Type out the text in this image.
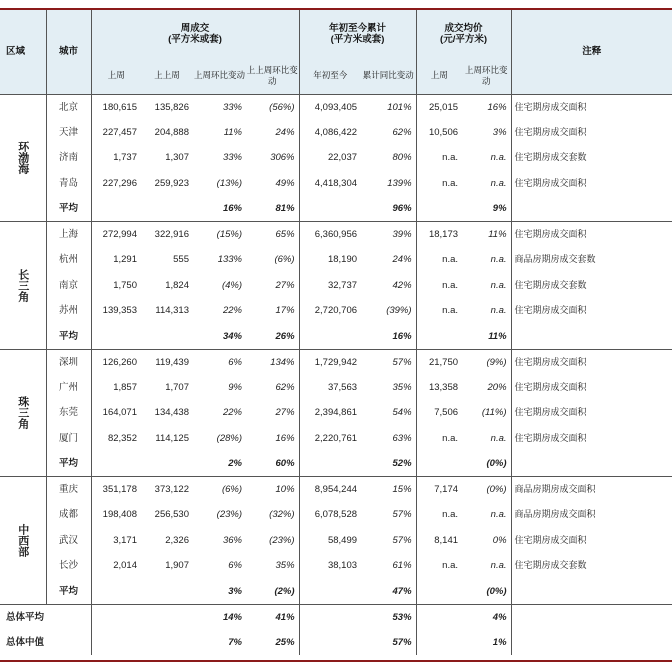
区域	城市	周成交
(平方米或套)				年初至今累计
(平方米或套)		成交均价
(元/平方米)		注释
		上周	上上周	上周环比变动	上上周环比变动	年初至今	累计同比变动	上周	上周环比变动	
环渤海	北京	180,615	135,826	33%	(56%)	4,093,405	101%	25,015	16%	住宅期房成交面积
	天津	227,457	204,888	11%	24%	4,086,422	62%	10,506	3%	住宅期房成交面积
	济南	1,737	1,307	33%	306%	22,037	80%	n.a.	n.a.	住宅期房成交套数
	青岛	227,296	259,923	(13%)	49%	4,418,304	139%	n.a.	n.a.	住宅期房成交面积
	平均			16%	81%		96%		9%	
长三角	上海	272,994	322,916	(15%)	65%	6,360,956	39%	18,173	11%	住宅期房成交面积
	杭州	1,291	555	133%	(6%)	18,190	24%	n.a.	n.a.	商品房期房成交套数
	南京	1,750	1,824	(4%)	27%	32,737	42%	n.a.	n.a.	住宅期房成交套数
	苏州	139,353	114,313	22%	17%	2,720,706	(39%)	n.a.	n.a.	住宅期房成交面积
	平均			34%	26%		16%		11%	
珠三角	深圳	126,260	119,439	6%	134%	1,729,942	57%	21,750	(9%)	住宅期房成交面积
	广州	1,857	1,707	9%	62%	37,563	35%	13,358	20%	住宅期房成交面积
	东莞	164,071	134,438	22%	27%	2,394,861	54%	7,506	(11%)	住宅期房成交面积
	厦门	82,352	114,125	(28%)	16%	2,220,761	63%	n.a.	n.a.	住宅期房成交面积
	平均			2%	60%		52%		(0%)	
中西部	重庆	351,178	373,122	(6%)	10%	8,954,244	15%	7,174	(0%)	商品房期房成交面积
	成都	198,408	256,530	(23%)	(32%)	6,078,528	57%	n.a.	n.a.	商品房期房成交面积
	武汉	3,171	2,326	36%	(23%)	58,499	57%	8,141	0%	住宅期房成交面积
	长沙	2,014	1,907	6%	35%	38,103	61%	n.a.	n.a.	住宅期房成交套数
	平均			3%	(2%)		47%		(0%)	
总体平均				14%	41%		53%		4%	
总体中值				7%	25%		57%		1%	
